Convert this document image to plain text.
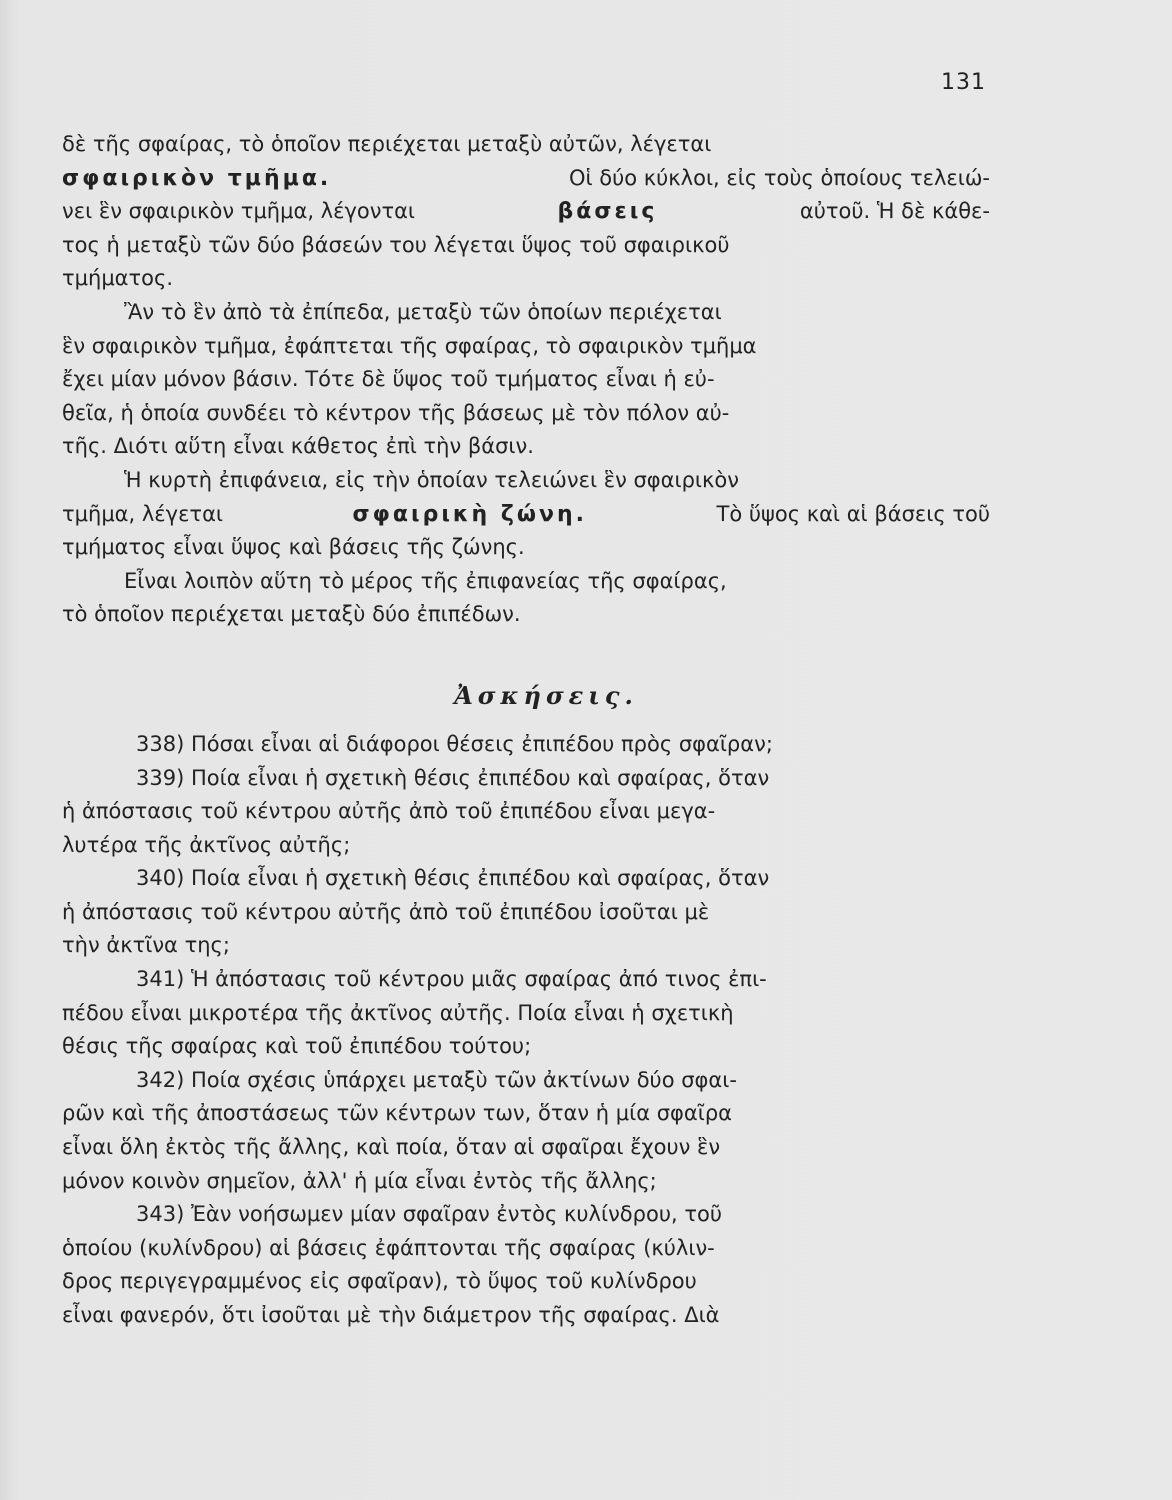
131
δὲ τῆς σφαίρας, τὸ ὁποῖον περιέχεται μεταξὺ αὐτῶν, λέγεται
σφαιρικὸν τμῆμα.	Οἱ δύο κύκλοι, εἰς τοὺς ὁποίους τελειώ-
νει ἓν σφαιρικὸν τμῆμα, λέγονται	βάσεις	αὐτοῦ. Ἡ δὲ κάθε-
τος ἡ μεταξὺ τῶν δύο βάσεών του λέγεται ὕψος τοῦ σφαιρικοῦ
τμήματος.
Ἂν τὸ ἓν ἀπὸ τὰ ἐπίπεδα, μεταξὺ τῶν ὁποίων περιέχεται
ἓν σφαιρικὸν τμῆμα, ἐφάπτεται τῆς σφαίρας, τὸ σφαιρικὸν τμῆμα
ἔχει μίαν μόνον βάσιν. Τότε δὲ ὕψος τοῦ τμήματος εἶναι ἡ εὐ-
θεῖα, ἡ ὁποία συνδέει τὸ κέντρον τῆς βάσεως μὲ τὸν πόλον αὐ-
τῆς. Διότι αὕτη εἶναι κάθετος ἐπὶ τὴν βάσιν.
Ἡ κυρτὴ ἐπιφάνεια, εἰς τὴν ὁποίαν τελειώνει ἓν σφαιρικὸν
τμῆμα, λέγεται	σφαιρικὴ ζώνη.	Τὸ ὕψος καὶ αἱ βάσεις τοῦ
τμήματος εἶναι ὕψος καὶ βάσεις τῆς ζώνης.
Εἶναι λοιπὸν αὕτη τὸ μέρος τῆς ἐπιφανείας τῆς σφαίρας,
τὸ ὁποῖον περιέχεται μεταξὺ δύο ἐπιπέδων.
Ἀσκήσεις.
338) Πόσαι εἶναι αἱ διάφοροι θέσεις ἐπιπέδου πρὸς σφαῖραν;
339) Ποία εἶναι ἡ σχετικὴ θέσις ἐπιπέδου καὶ σφαίρας, ὅταν
ἡ ἀπόστασις τοῦ κέντρου αὐτῆς ἀπὸ τοῦ ἐπιπέδου εἶναι μεγα-
λυτέρα τῆς ἀκτῖνος αὐτῆς;
340) Ποία εἶναι ἡ σχετικὴ θέσις ἐπιπέδου καὶ σφαίρας, ὅταν
ἡ ἀπόστασις τοῦ κέντρου αὐτῆς ἀπὸ τοῦ ἐπιπέδου ἰσοῦται μὲ
τὴν ἀκτῖνα της;
341) Ἡ ἀπόστασις τοῦ κέντρου μιᾶς σφαίρας ἀπό τινος ἐπι-
πέδου εἶναι μικροτέρα τῆς ἀκτῖνος αὐτῆς. Ποία εἶναι ἡ σχετικὴ
θέσις τῆς σφαίρας καὶ τοῦ ἐπιπέδου τούτου;
342) Ποία σχέσις ὑπάρχει μεταξὺ τῶν ἀκτίνων δύο σφαι-
ρῶν καὶ τῆς ἀποστάσεως τῶν κέντρων των, ὅταν ἡ μία σφαῖρα
εἶναι ὅλη ἐκτὸς τῆς ἄλλης, καὶ ποία, ὅταν αἱ σφαῖραι ἔχουν ἓν
μόνον κοινὸν σημεῖον, ἀλλ' ἡ μία εἶναι ἐντὸς τῆς ἄλλης;
343) Ἐὰν νοήσωμεν μίαν σφαῖραν ἐντὸς κυλίνδρου, τοῦ
ὁποίου (κυλίνδρου) αἱ βάσεις ἐφάπτονται τῆς σφαίρας (κύλιν-
δρος περιγεγραμμένος εἰς σφαῖραν), τὸ ὕψος τοῦ κυλίνδρου
εἶναι φανερόν, ὅτι ἰσοῦται μὲ τὴν διάμετρον τῆς σφαίρας. Διὰ
